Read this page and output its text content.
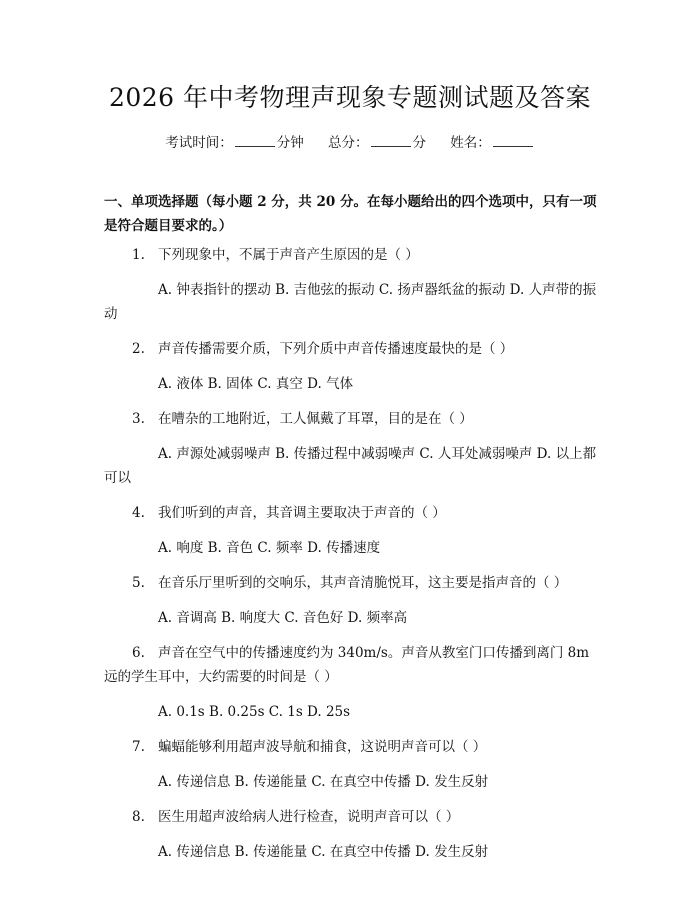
2026 年中考物理声现象专题测试题及答案
考试时间：	分钟 总分：	分 姓名：
一、单项选择题（每小题 2 分，共 20 分。在每小题给出的四个选项中，只有一项是符合题目要求的。）
1. 下列现象中，不属于声音产生原因的是（ ）
A. 钟表指针的摆动 B. 吉他弦的振动 C. 扬声器纸盆的振动 D. 人声带的振动
2. 声音传播需要介质，下列介质中声音传播速度最快的是（ ）
A. 液体 B. 固体 C. 真空 D. 气体
3. 在嘈杂的工地附近，工人佩戴了耳罩，目的是在（ ）
A. 声源处减弱噪声 B. 传播过程中减弱噪声 C. 人耳处减弱噪声 D. 以上都可以
4. 我们听到的声音，其音调主要取决于声音的（ ）
A. 响度 B. 音色 C. 频率 D. 传播速度
5. 在音乐厅里听到的交响乐，其声音清脆悦耳，这主要是指声音的（ ）
A. 音调高 B. 响度大 C. 音色好 D. 频率高
6. 声音在空气中的传播速度约为 340m/s。声音从教室门口传播到离门 8m 远的学生耳中，大约需要的时间是（ ）
A. 0.1s B. 0.25s C. 1s D. 25s
7. 蝙蝠能够利用超声波导航和捕食，这说明声音可以（ ）
A. 传递信息 B. 传递能量 C. 在真空中传播 D. 发生反射
8. 医生用超声波给病人进行检查，说明声音可以（ ）
A. 传递信息 B. 传递能量 C. 在真空中传播 D. 发生反射
